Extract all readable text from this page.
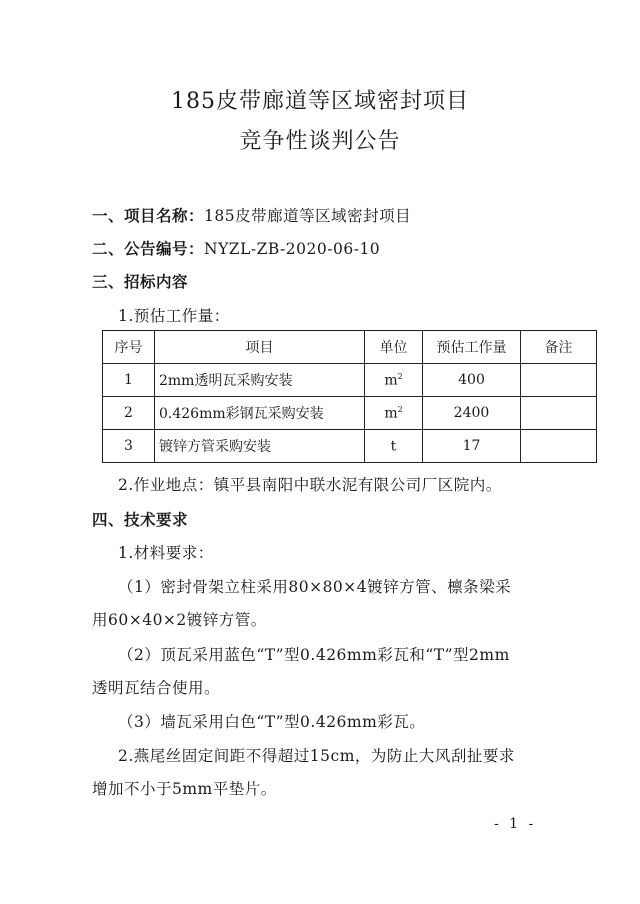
185皮带廊道等区域密封项目
竞争性谈判公告
一、项目名称：185皮带廊道等区域密封项目
二、公告编号：NYZL-ZB-2020-06-10
三、招标内容
1.预估工作量：
序号	项目	单位	预估工作量	备注
1	2mm透明瓦采购安装	$m^2$	400	
2	0.426mm彩钢瓦采购安装	$m^2$	2400	
3	镀锌方管采购安装	t	17	
2.作业地点：镇平县南阳中联水泥有限公司厂区院内。
四、技术要求
1.材料要求：
（1）密封骨架立柱采用80×80×4镀锌方管、檩条梁采
用60×40×2镀锌方管。
（2）顶瓦采用蓝色“T”型0.426mm彩瓦和“T”型2mm
透明瓦结合使用。
（3）墙瓦采用白色“T”型0.426mm彩瓦。
2.燕尾丝固定间距不得超过15cm，为防止大风刮扯要求
增加不小于5mm平垫片。
- 1 -
